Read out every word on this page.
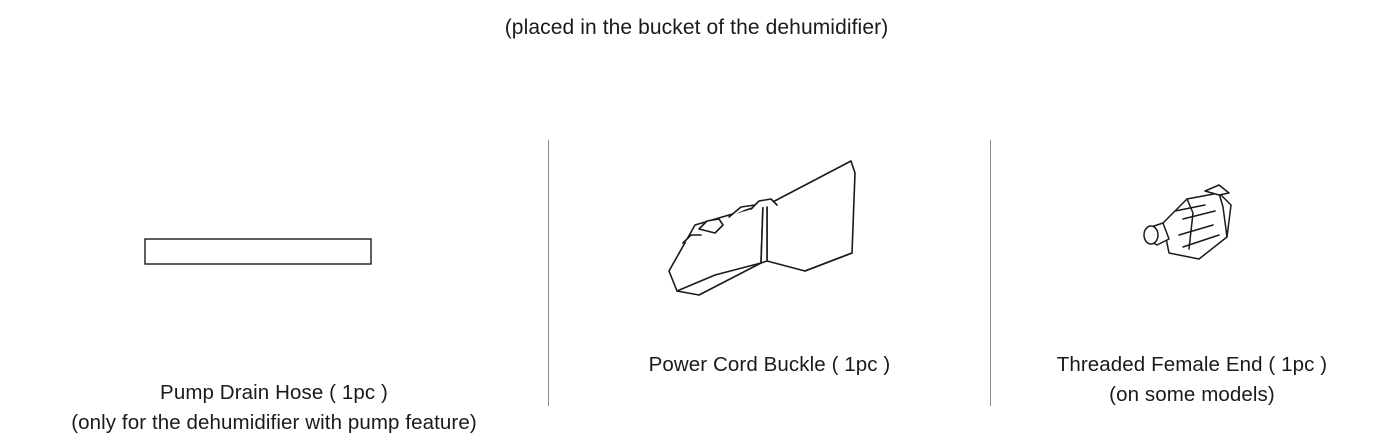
(placed in the bucket of the dehumidifier)
Pump Drain Hose ( 1pc )
(only for the dehumidifier with pump feature)
Power Cord Buckle ( 1pc )	Threaded Female End ( 1pc )
(on some models)
